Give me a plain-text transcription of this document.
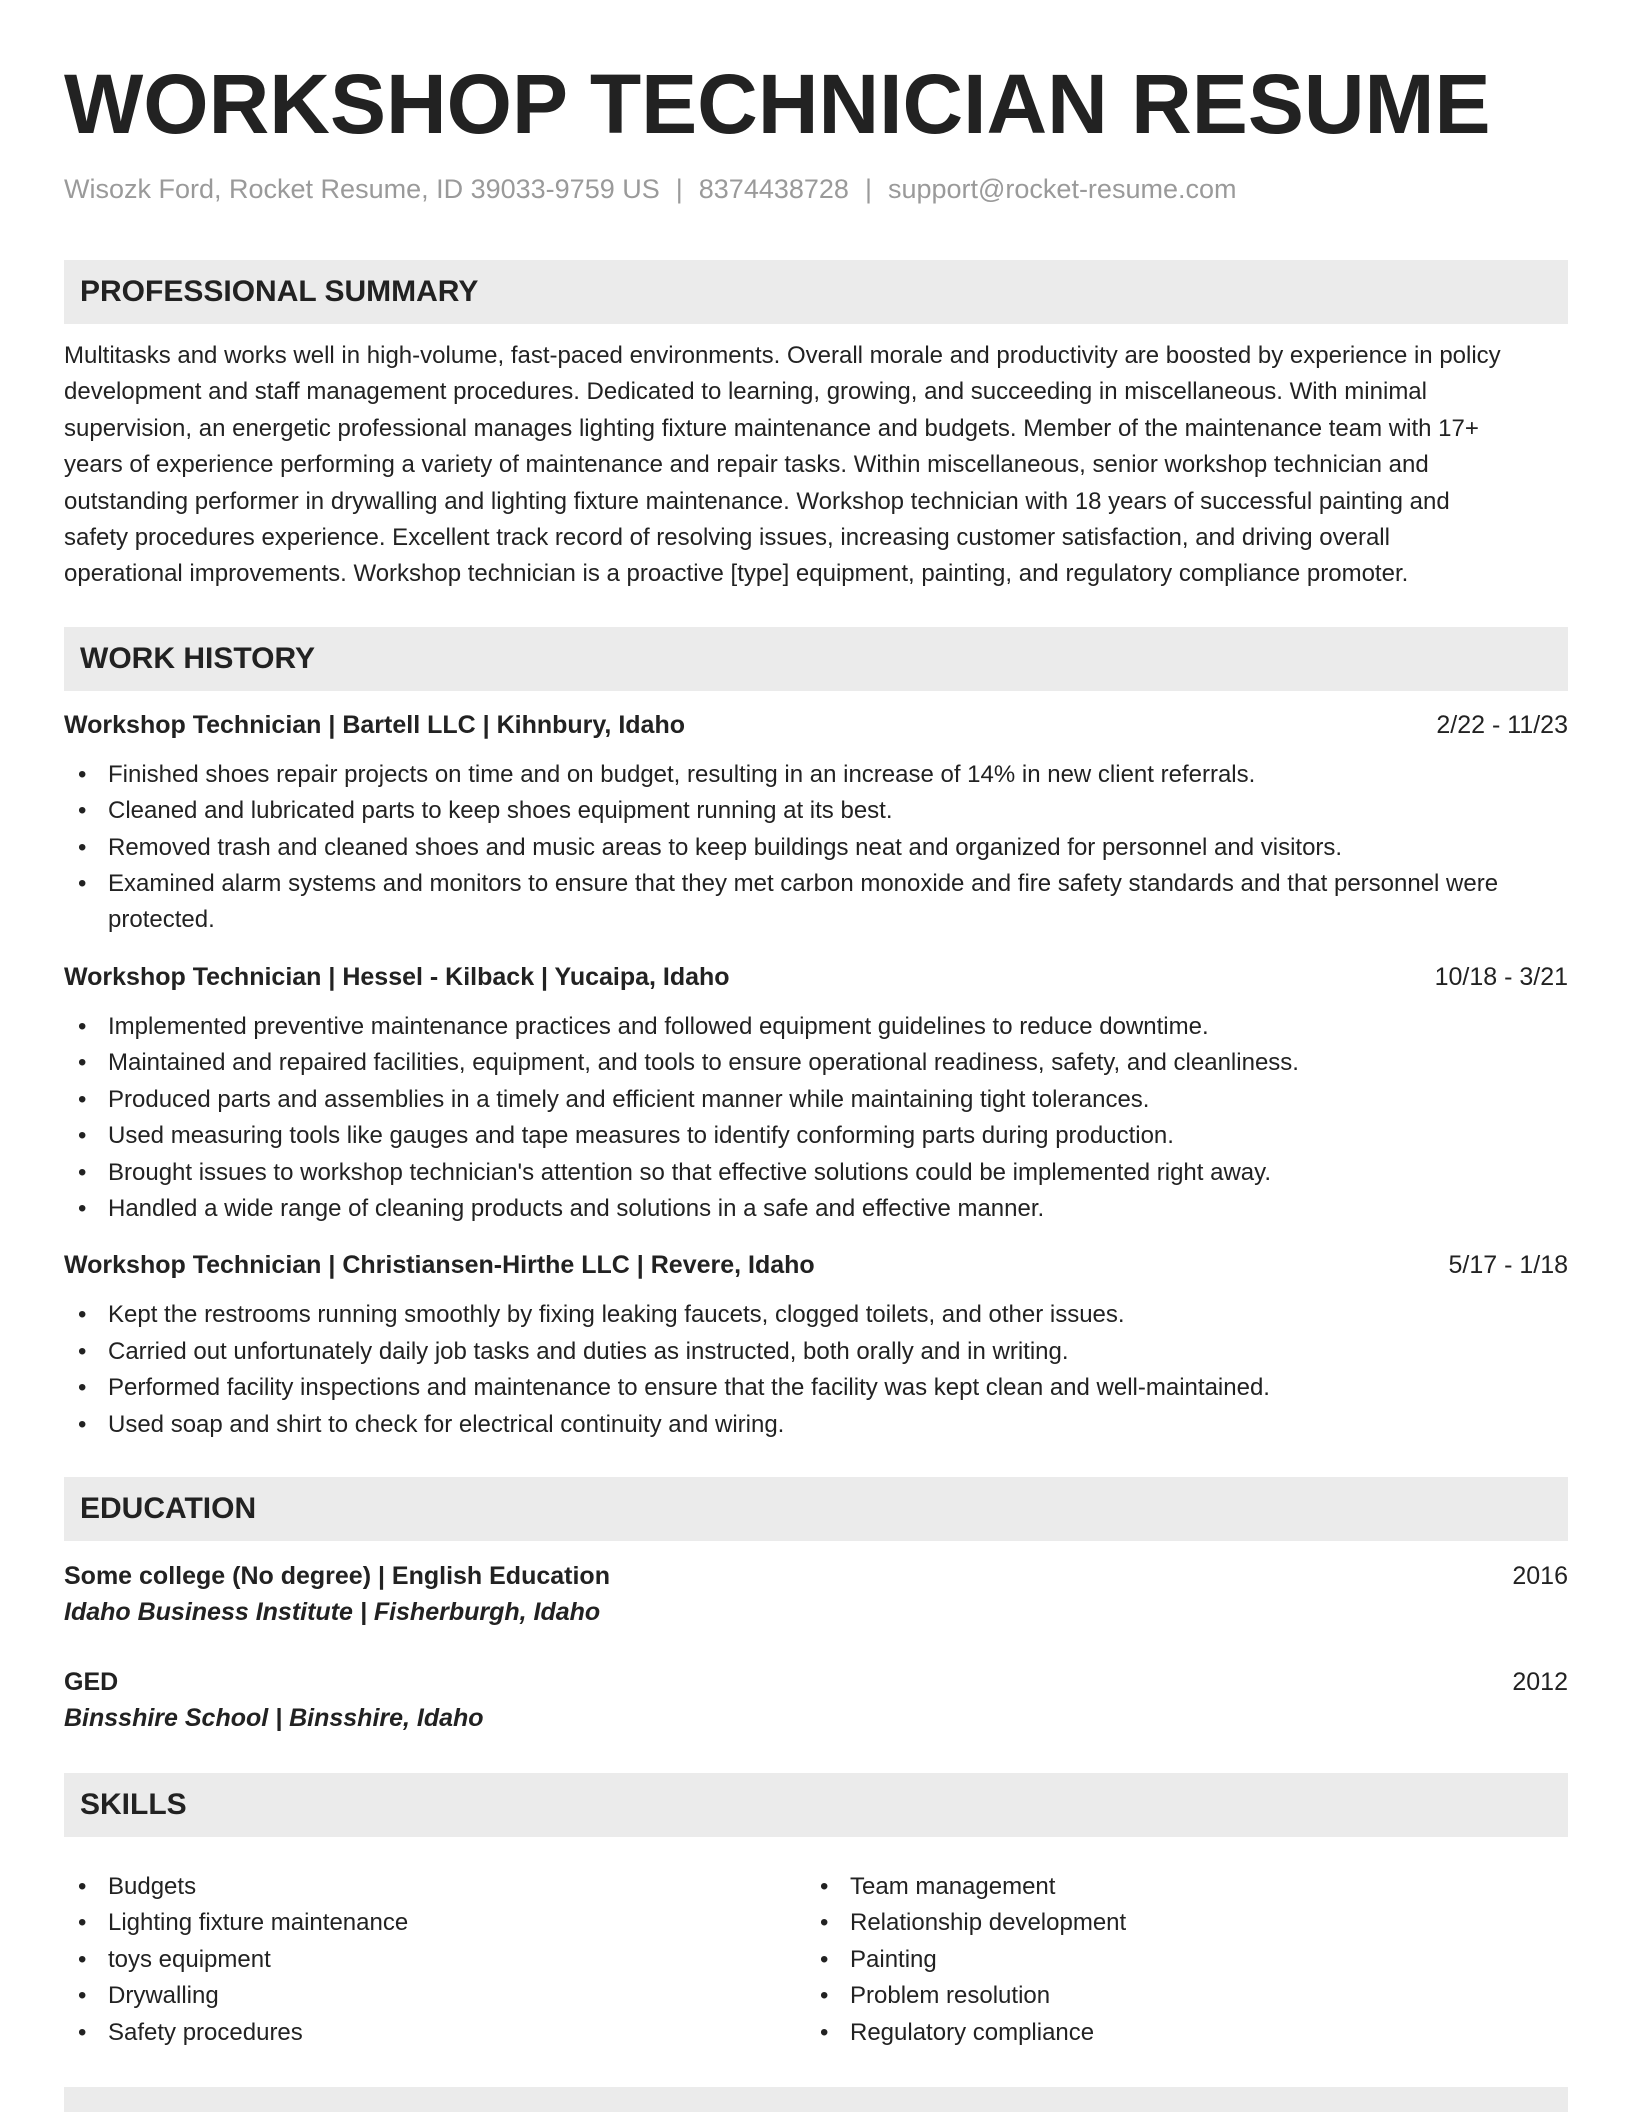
WORKSHOP TECHNICIAN RESUME
Wisozk Ford, Rocket Resume, ID 39033-9759 US | 8374438728 | support@rocket-resume.com
PROFESSIONAL SUMMARY
Multitasks and works well in high-volume, fast-paced environments. Overall morale and productivity are boosted by experience in policy
development and staff management procedures. Dedicated to learning, growing, and succeeding in miscellaneous. With minimal
supervision, an energetic professional manages lighting fixture maintenance and budgets. Member of the maintenance team with 17+
years of experience performing a variety of maintenance and repair tasks. Within miscellaneous, senior workshop technician and
outstanding performer in drywalling and lighting fixture maintenance. Workshop technician with 18 years of successful painting and
safety procedures experience. Excellent track record of resolving issues, increasing customer satisfaction, and driving overall
operational improvements. Workshop technician is a proactive [type] equipment, painting, and regulatory compliance promoter.
WORK HISTORY
Workshop Technician | Bartell LLC | Kihnbury, Idaho	2/22 - 11/23
• Finished shoes repair projects on time and on budget, resulting in an increase of 14% in new client referrals.
• Cleaned and lubricated parts to keep shoes equipment running at its best.
• Removed trash and cleaned shoes and music areas to keep buildings neat and organized for personnel and visitors.
• Examined alarm systems and monitors to ensure that they met carbon monoxide and fire safety standards and that personnel were protected.
Workshop Technician | Hessel - Kilback | Yucaipa, Idaho	10/18 - 3/21
• Implemented preventive maintenance practices and followed equipment guidelines to reduce downtime.
• Maintained and repaired facilities, equipment, and tools to ensure operational readiness, safety, and cleanliness.
• Produced parts and assemblies in a timely and efficient manner while maintaining tight tolerances.
• Used measuring tools like gauges and tape measures to identify conforming parts during production.
• Brought issues to workshop technician's attention so that effective solutions could be implemented right away.
• Handled a wide range of cleaning products and solutions in a safe and effective manner.
Workshop Technician | Christiansen-Hirthe LLC | Revere, Idaho	5/17 - 1/18
• Kept the restrooms running smoothly by fixing leaking faucets, clogged toilets, and other issues.
• Carried out unfortunately daily job tasks and duties as instructed, both orally and in writing.
• Performed facility inspections and maintenance to ensure that the facility was kept clean and well-maintained.
• Used soap and shirt to check for electrical continuity and wiring.
EDUCATION
Some college (No degree) | English Education	2016
Idaho Business Institute | Fisherburgh, Idaho
GED	2012
Binsshire School | Binsshire, Idaho
SKILLS
• Budgets
• Lighting fixture maintenance
• toys equipment
• Drywalling
• Safety procedures
• Team management
• Relationship development
• Painting
• Problem resolution
• Regulatory compliance
